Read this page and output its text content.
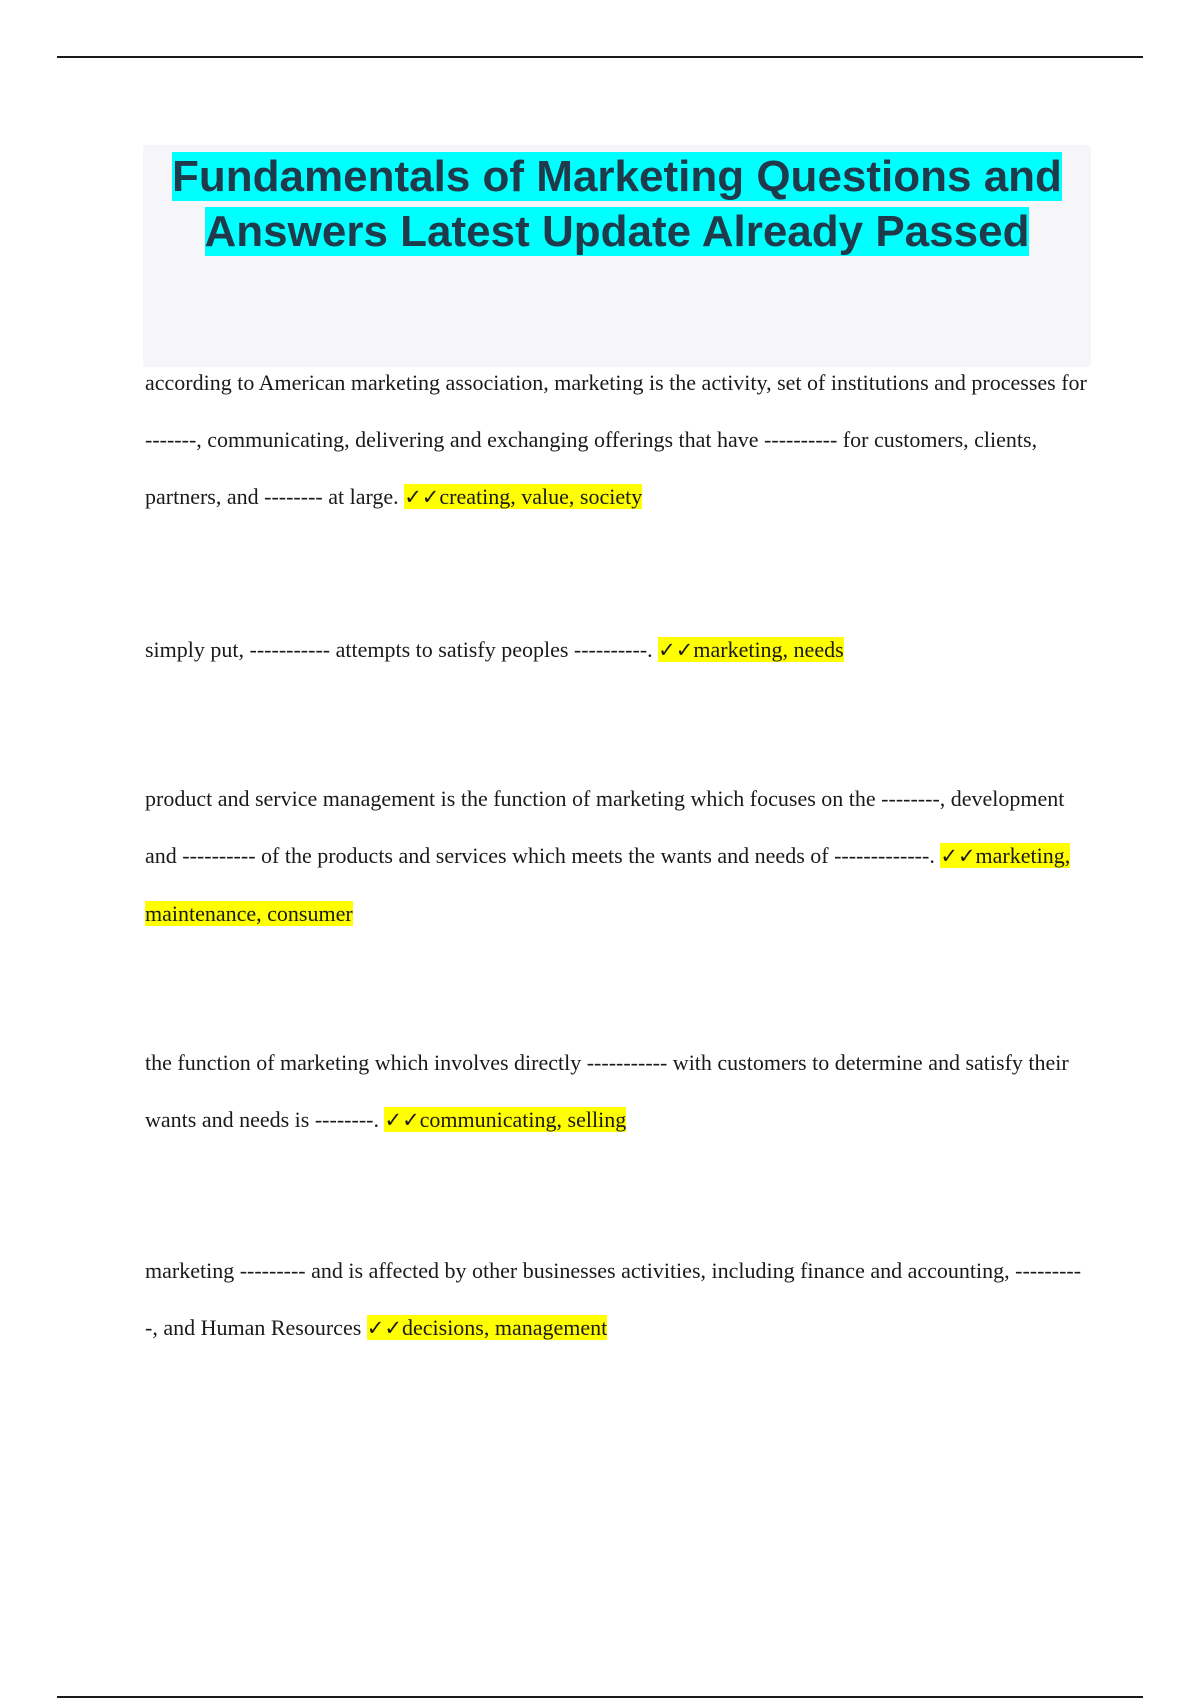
Fundamentals of Marketing Questions and Answers Latest Update Already Passed

according to American marketing association, marketing is the activity, set of institutions and processes for -------, communicating, delivering and exchanging offerings that have ---------- for customers, clients, partners, and -------- at large. ✓✓creating, value, society

simply put, ----------- attempts to satisfy peoples ----------. ✓✓marketing, needs

product and service management is the function of marketing which focuses on the --------, development and ---------- of the products and services which meets the wants and needs of -------------. ✓✓marketing, maintenance, consumer

the function of marketing which involves directly ----------- with customers to determine and satisfy their wants and needs is --------. ✓✓communicating, selling

marketing --------- and is affected by other businesses activities, including finance and accounting, ----------, and Human Resources ✓✓decisions, management
